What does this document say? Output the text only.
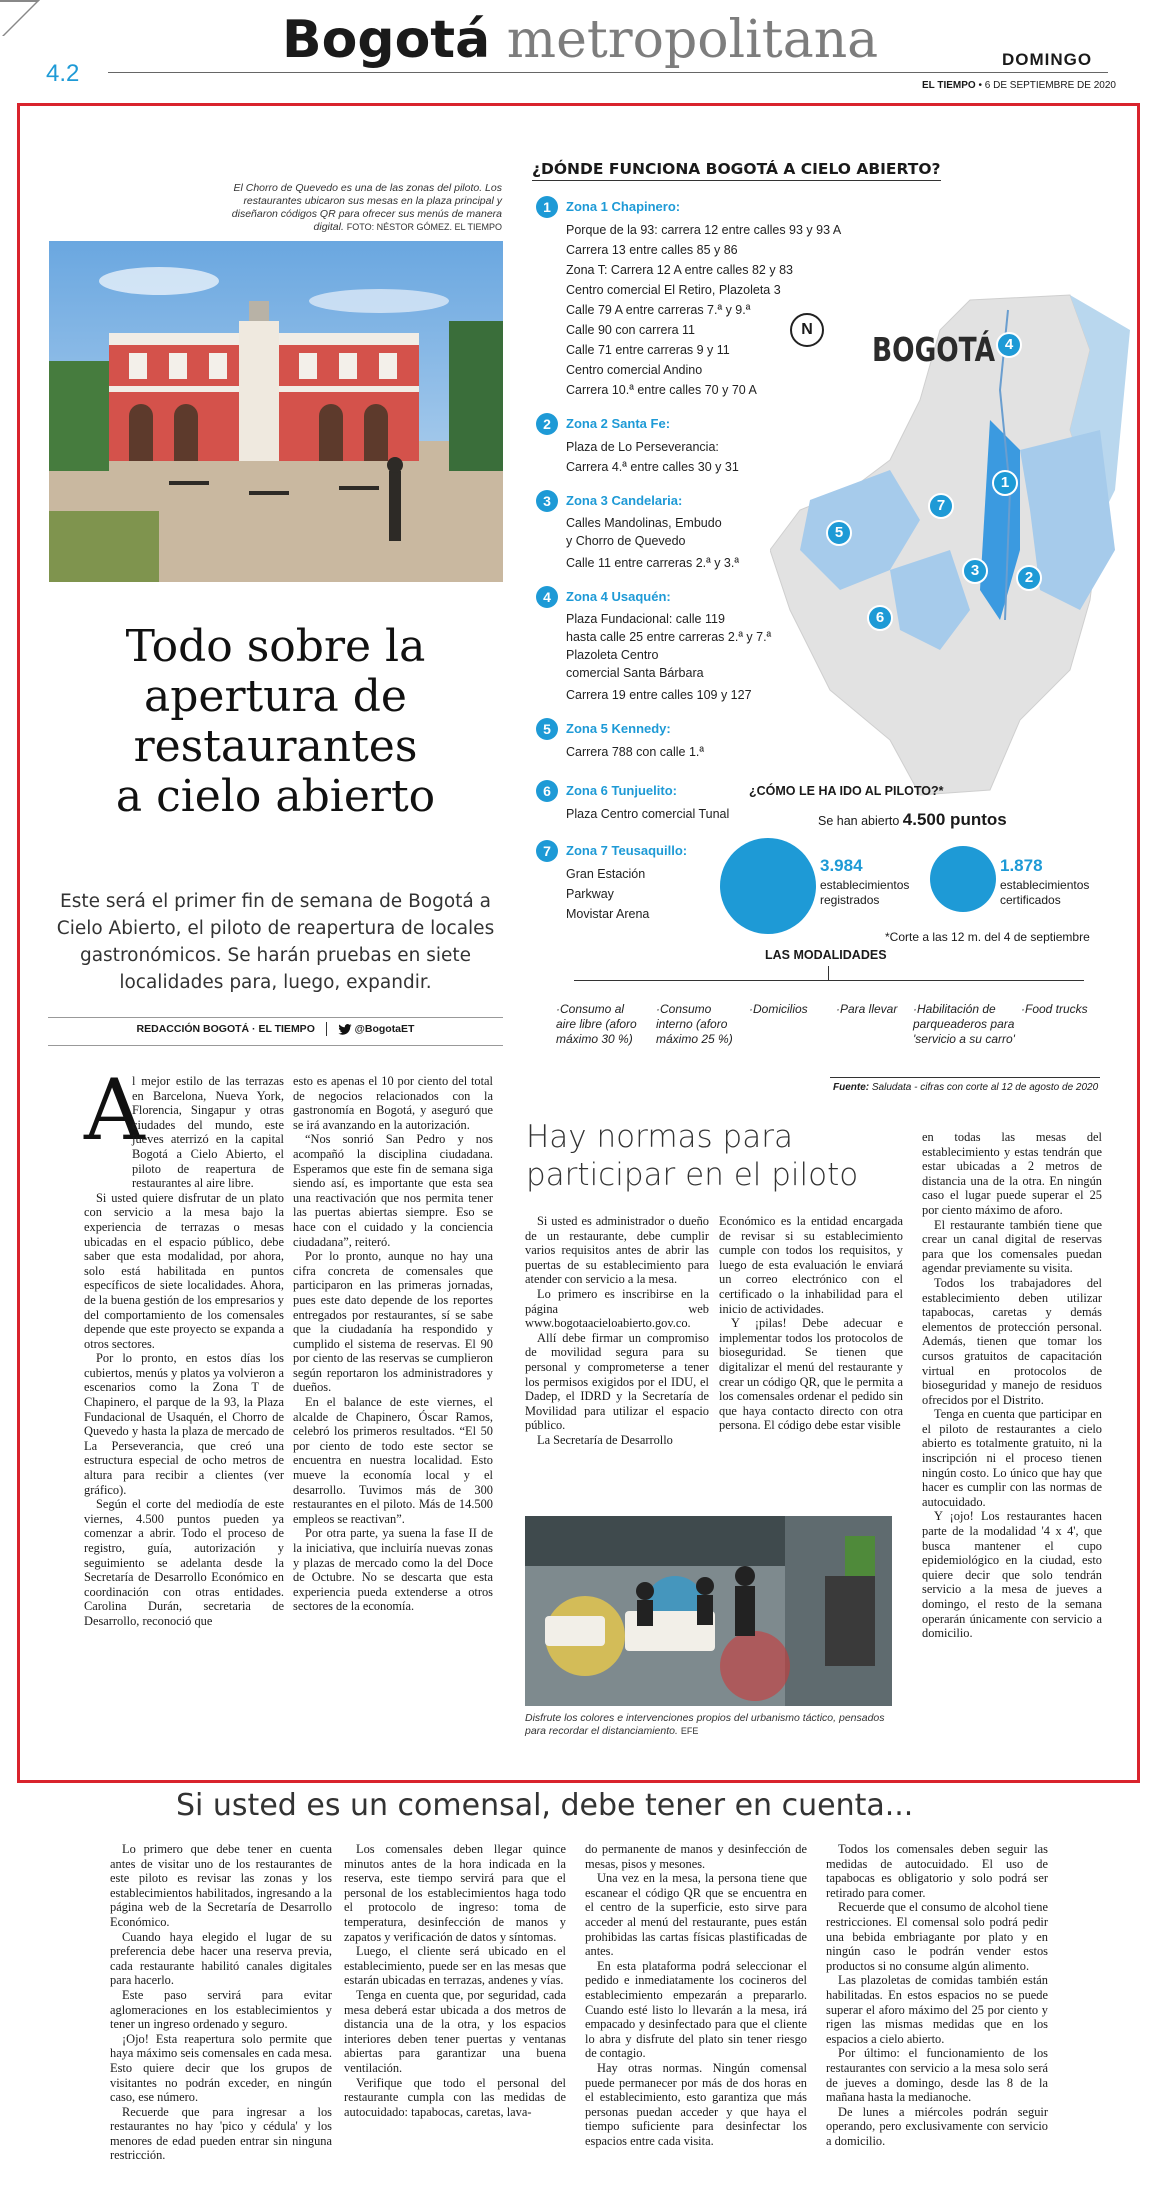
4.2
Bogotá metropolitana	DOMINGO
EL TIEMPO • 6 DE SEPTIEMBRE DE 2020
El Chorro de Quevedo es una de las zonas del piloto. Los restaurantes ubicaron sus mesas en la plaza principal y diseñaron códigos QR para ofrecer sus menús de manera digital. FOTO: NÉSTOR GÓMEZ. EL TIEMPO
Todo sobre la
apertura de
restaurantes
a cielo abierto
Este será el primer fin de semana de Bogotá a Cielo Abierto, el piloto de reapertura de locales gastronómicos. Se harán pruebas en siete localidades para, luego, expandir.
REDACCIÓN BOGOTÁ · EL TIEMPO	@BogotaET
A

l mejor estilo de las terrazas en Barcelona, Nueva York, Florencia, Singapur y otras ciudades del mundo, este jueves aterrizó en la capital Bogotá a Cielo Abierto, el piloto de reapertura de restaurantes al aire libre.

Si usted quiere disfrutar de un plato con servicio a la mesa bajo la experiencia de terrazas o mesas ubicadas en el espacio público, debe saber que esta modalidad, por ahora, solo está habilitada en puntos específicos de siete localidades. Ahora, de la buena gestión de los empresarios y del comportamiento de los comensales depende que este proyecto se expanda a otros sectores.

Por lo pronto, en estos días los cubiertos, menús y platos ya volvieron a escenarios como la Zona T de Chapinero, el parque de la 93, la Plaza Fundacional de Usaquén, el Chorro de Quevedo y hasta la plaza de mercado de La Perseverancia, que creó una estructura especial de ocho metros de altura para recibir a clientes (ver gráfico).

Según el corte del mediodía de este viernes, 4.500 puntos pueden ya comenzar a abrir. Todo el proceso de registro, guía, autorización y seguimiento se adelanta desde la Secretaría de Desarrollo Económico en coordinación con otras entidades. Carolina Durán, secretaria de Desarrollo, reconoció que

esto es apenas el 10 por ciento del total de negocios relacionados con la gastronomía en Bogotá, y aseguró que se irá avanzando en la autorización.

“Nos sonrió San Pedro y nos acompañó la disciplina ciudadana. Esperamos que este fin de semana siga siendo así, es importante que esta sea una reactivación que nos permita tener las puertas abiertas siempre. Eso se hace con el cuidado y la conciencia ciudadana”, reiteró.

Por lo pronto, aunque no hay una cifra concreta de comensales que participaron en las primeras jornadas, pues este dato depende de los reportes entregados por restaurantes, sí se sabe que la ciudadanía ha respondido y cumplido el sistema de reservas. El 90 por ciento de las reservas se cumplieron según reportaron los administradores y dueños.

En el balance de este viernes, el alcalde de Chapinero, Óscar Ramos, celebró los primeros resultados. “El 50 por ciento de todo este sector se encuentra en nuestra localidad. Esto mueve la economía local y el desarrollo. Tuvimos más de 300 restaurantes en el piloto. Más de 14.500 empleos se reactivan”.

Por otra parte, ya suena la fase II de la iniciativa, que incluiría nuevas zonas y plazas de mercado como la del Doce de Octubre. No se descarta que esta experiencia pueda extenderse a otros sectores de la economía.

¿DÓNDE FUNCIONA BOGOTÁ A CIELO ABIERTO?
BOGOTÁ
N
4
1
7
5
3	2
6
1	Zona 1 Chapinero:
Porque de la 93: carrera 12 entre calles 93 y 93 A
Carrera 13 entre calles 85 y 86
Zona T: Carrera 12 A entre calles 82 y 83
Centro comercial El Retiro, Plazoleta 3
Calle 79 A entre carreras 7.ª y 9.ª
Calle 90 con carrera 11
Calle 71 entre carreras 9 y 11
Centro comercial Andino
Carrera 10.ª entre calles 70 y 70 A
2	Zona 2 Santa Fe:
Plaza de Lo Perseverancia:
Carrera 4.ª entre calles 30 y 31
3	Zona 3 Candelaria:
Calles Mandolinas, Embudo
y Chorro de Quevedo
Calle 11 entre carreras 2.ª y 3.ª
4	Zona 4 Usaquén:
Plaza Fundacional: calle 119
hasta calle 25 entre carreras 2.ª y 7.ª
Plazoleta Centro
comercial Santa Bárbara
Carrera 19 entre calles 109 y 127
5	Zona 5 Kennedy:
Carrera 788 con calle 1.ª
6	Zona 6 Tunjuelito:
Plaza Centro comercial Tunal
7	Zona 7 Teusaquillo:
Gran Estación
Parkway
Movistar Arena
¿CÓMO LE HA IDO AL PILOTO?*
Se han abierto 4.500 puntos
3.984
establecimientos registrados
1.878
establecimientos certificados
*Corte a las 12 m. del 4 de septiembre
LAS MODALIDADES
·Consumo al aire libre (aforo máximo 30 %)
·Consumo interno (aforo máximo 25 %)
·Domicilios	·Para llevar	·Habilitación de parqueaderos para 'servicio a su carro'
·Food trucks
Fuente: Saludata - cifras con corte al 12 de agosto de 2020
Hay normas para
participar en el piloto

Si usted es administrador o dueño de un restaurante, debe cumplir varios requisitos antes de abrir las puertas de su establecimiento para atender con servicio a la mesa.

Lo primero es inscribirse en la página web www.bogotaacieloabierto.gov.co.

Allí debe firmar un compromiso de movilidad segura para su personal y comprometerse a tener los permisos exigidos por el IDU, el Dadep, el IDRD y la Secretaría de Movilidad para utilizar el espacio público.

La Secretaría de Desarrollo

Económico es la entidad encargada de revisar si su establecimiento cumple con todos los requisitos, y luego de esta evaluación le enviará un correo electrónico con el certificado o la inhabilidad para el inicio de actividades.

Y ¡pilas! Debe adecuar e implementar todos los protocolos de bioseguridad. Se tienen que digitalizar el menú del restaurante y crear un código QR, que le permita a los comensales ordenar el pedido sin que haya contacto directo con otra persona. El código debe estar visible

en todas las mesas del establecimiento y estas tendrán que estar ubicadas a 2 metros de distancia una de la otra. En ningún caso el lugar puede superar el 25 por ciento máximo de aforo.

El restaurante también tiene que crear un canal digital de reservas para que los comensales puedan agendar previamente su visita.

Todos los trabajadores del establecimiento deben utilizar tapabocas, caretas y demás elementos de protección personal. Además, tienen que tomar los cursos gratuitos de capacitación virtual en protocolos de bioseguridad y manejo de residuos ofrecidos por el Distrito.

Tenga en cuenta que participar en el piloto de restaurantes a cielo abierto es totalmente gratuito, ni la inscripción ni el proceso tienen ningún costo. Lo único que hay que hacer es cumplir con las normas de autocuidado.

Y ¡ojo! Los restaurantes hacen parte de la modalidad '4 x 4', que busca mantener el cupo epidemiológico en la ciudad, esto quiere decir que solo tendrán servicio a la mesa de jueves a domingo, el resto de la semana operarán únicamente con servicio a domicilio.

Disfrute los colores e intervenciones propios del urbanismo táctico, pensados para recordar el distanciamiento. EFE
Si usted es un comensal, debe tener en cuenta...

Lo primero que debe tener en cuenta antes de visitar uno de los restaurantes de este piloto es revisar las zonas y los establecimientos habilitados, ingresando a la página web de la Secretaría de Desarrollo Económico.

Cuando haya elegido el lugar de su preferencia debe hacer una reserva previa, cada restaurante habilitó canales digitales para hacerlo.

Este paso servirá para evitar aglomeraciones en los establecimientos y tener un ingreso ordenado y seguro.

¡Ojo! Esta reapertura solo permite que haya máximo seis comensales en cada mesa. Esto quiere decir que los grupos de visitantes no podrán exceder, en ningún caso, ese número.

Recuerde que para ingresar a los restaurantes no hay 'pico y cédula' y los menores de edad pueden entrar sin ninguna restricción.

Los comensales deben llegar quince minutos antes de la hora indicada en la reserva, este tiempo servirá para que el personal de los establecimientos haga todo el protocolo de ingreso: toma de temperatura, desinfección de manos y zapatos y verificación de datos y síntomas.

Luego, el cliente será ubicado en el establecimiento, puede ser en las mesas que estarán ubicadas en terrazas, andenes y vías.

Tenga en cuenta que, por seguridad, cada mesa deberá estar ubicada a dos metros de distancia una de la otra, y los espacios interiores deben tener puertas y ventanas abiertas para garantizar una buena ventilación.

Verifique que todo el personal del restaurante cumpla con las medidas de autocuidado: tapabocas, caretas, lava-

do permanente de manos y desinfección de mesas, pisos y mesones.

Una vez en la mesa, la persona tiene que escanear el código QR que se encuentra en el centro de la superficie, esto sirve para acceder al menú del restaurante, pues están prohibidas las cartas físicas plastificadas de antes.

En esta plataforma podrá seleccionar el pedido e inmediatamente los cocineros del establecimiento empezarán a prepararlo. Cuando esté listo lo llevarán a la mesa, irá empacado y desinfectado para que el cliente lo abra y disfrute del plato sin tener riesgo de contagio.

Hay otras normas. Ningún comensal puede permanecer por más de dos horas en el establecimiento, esto garantiza que más personas puedan acceder y que haya el tiempo suficiente para desinfectar los espacios entre cada visita.

Todos los comensales deben seguir las medidas de autocuidado. El uso de tapabocas es obligatorio y solo podrá ser retirado para comer.

Recuerde que el consumo de alcohol tiene restricciones. El comensal solo podrá pedir una bebida embriagante por plato y en ningún caso le podrán vender estos productos si no consume algún alimento.

Las plazoletas de comidas también están habilitadas. En estos espacios no se puede superar el aforo máximo del 25 por ciento y rigen las mismas medidas que en los espacios a cielo abierto.

Por último: el funcionamiento de los restaurantes con servicio a la mesa solo será de jueves a domingo, desde las 8 de la mañana hasta la medianoche.

De lunes a miércoles podrán seguir operando, pero exclusivamente con servicio a domicilio.
